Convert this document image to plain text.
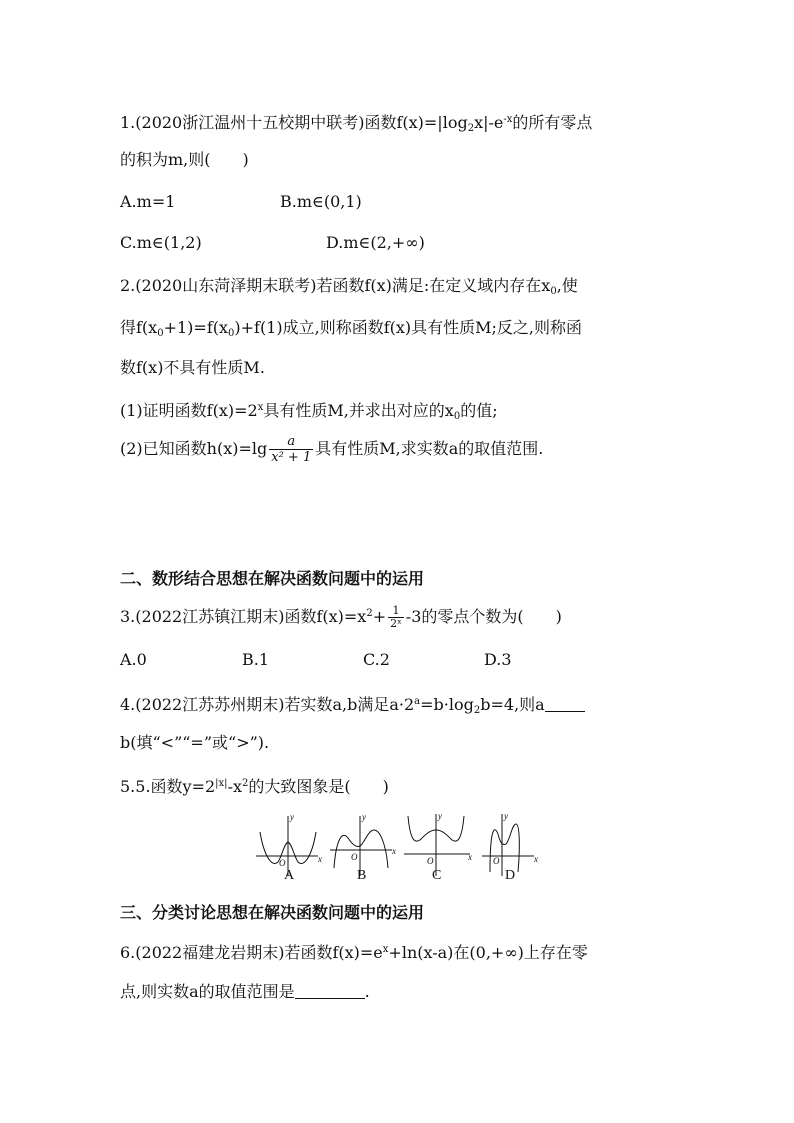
1.(2020浙江温州十五校期中联考)函数$f(x)=|\log_2x|-e^{-x}$的所有零点
的积为m,则(　　)
A.m=1	B.m∈(0,1)
C.m∈(1,2)	D.m∈(2,+∞)
2.(2020山东菏泽期末联考)若函数f(x)满足:在定义域内存在$x_0$,使
得$f(x_0+1)=f(x_0)+f(1)$成立,则称函数f(x)具有性质M;反之,则称函
数f(x)不具有性质M.
(1)证明函数$f(x)=2^x$具有性质M,并求出对应的$x_0$的值;
(2)已知函数$h(x)=\lg \frac{a}{\text{x² + 1}}$ 具有性质M,求实数a的取值范围.
二、数形结合思想在解决函数问题中的运用
3.(2022江苏镇江期末)函数$f(x)=x^2+ \frac{1}{\text{2ˣ}} -3$的零点个数为(　　)
A.0	B.1	C.2	D.3
4.(2022江苏苏州期末)若实数a,b满足$a\cdot 2^a=b\cdot\log_2b=4$,则a
b(填“<”“=”或“>”).
5.5.函数$y=2^{|x|}-x^2$的大致图象是(　　)
y
x
O
y
x
O
y
x
O
y
x
O
A	B	C	D
三、分类讨论思想在解决函数问题中的运用
6.(2022福建龙岩期末)若函数$f(x)=e^x+\ln(x-a)$在(0,+∞)上存在零
点,则实数a的取值范围是	.
